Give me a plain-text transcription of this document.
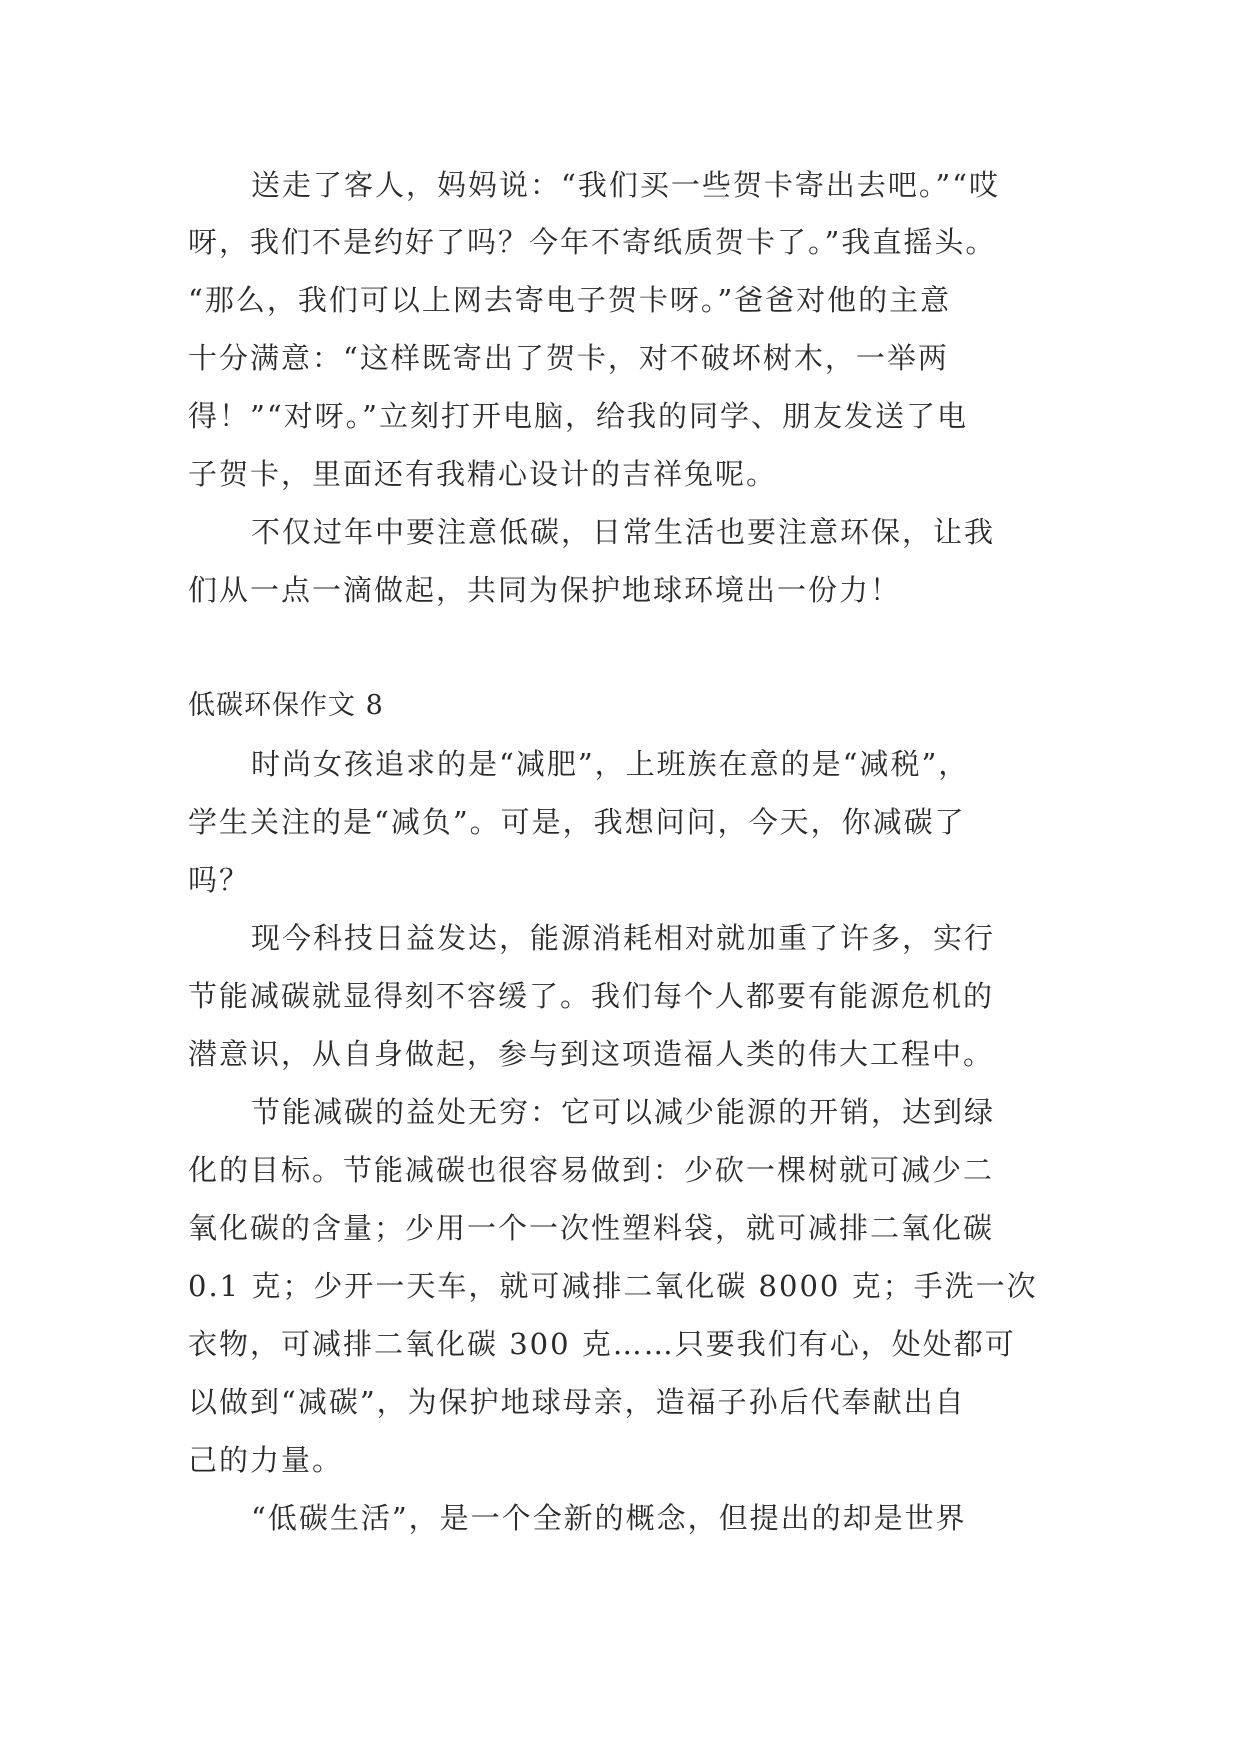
送走了客人，妈妈说：“我们买一些贺卡寄出去吧。”“哎
呀，我们不是约好了吗？今年不寄纸质贺卡了。”我直摇头。
“那么，我们可以上网去寄电子贺卡呀。”爸爸对他的主意
十分满意：“这样既寄出了贺卡，对不破坏树木，一举两
得！”“对呀。”立刻打开电脑，给我的同学、朋友发送了电
子贺卡，里面还有我精心设计的吉祥兔呢。
不仅过年中要注意低碳，日常生活也要注意环保，让我
们从一点一滴做起，共同为保护地球环境出一份力！
低碳环保作文 8
时尚女孩追求的是“减肥”，上班族在意的是“减税”，
学生关注的是“减负”。可是，我想问问，今天，你减碳了
吗？
现今科技日益发达，能源消耗相对就加重了许多，实行
节能减碳就显得刻不容缓了。我们每个人都要有能源危机的
潜意识，从自身做起，参与到这项造福人类的伟大工程中。
节能减碳的益处无穷：它可以减少能源的开销，达到绿
化的目标。节能减碳也很容易做到：少砍一棵树就可减少二
氧化碳的含量；少用一个一次性塑料袋，就可减排二氧化碳
0.1 克；少开一天车，就可减排二氧化碳 8000 克；手洗一次
衣物，可减排二氧化碳 300 克……只要我们有心，处处都可
以做到“减碳”，为保护地球母亲，造福子孙后代奉献出自
己的力量。
“低碳生活”，是一个全新的概念，但提出的却是世界
